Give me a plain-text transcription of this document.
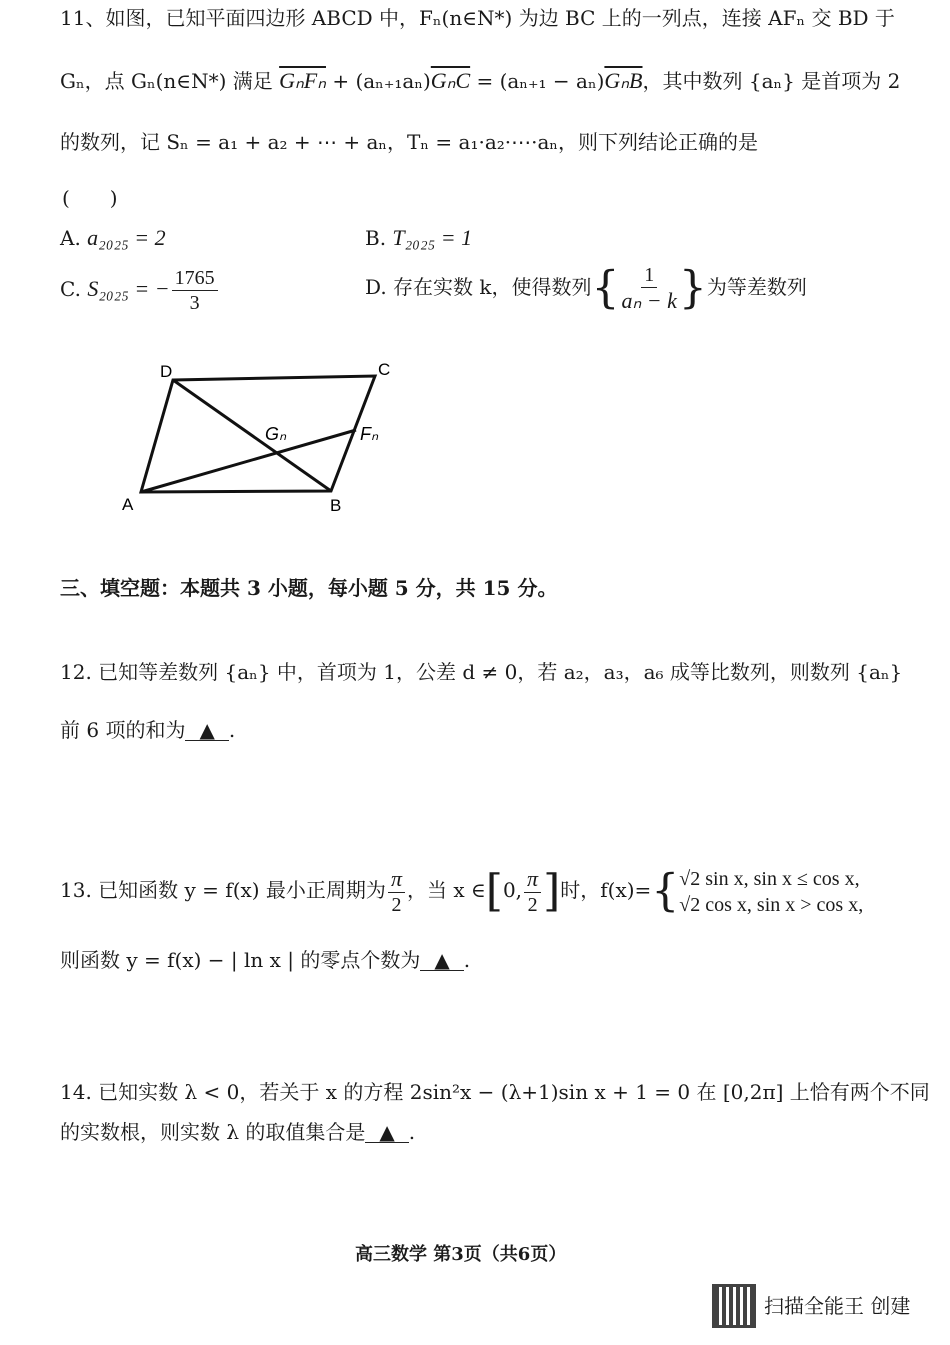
11、如图，已知平面四边形 ABCD 中，Fₙ(n∈N*) 为边 BC 上的一列点，连接 AFₙ 交 BD 于
Gₙ，点 Gₙ(n∈N*) 满足 $G_nF_n + (a_{n+1}a_n)\overline{G_nC} = (a_{n+1} - a_n)\overline{G_nB}$，其中数列 {aₙ} 是首项为 2
的数列，记 Sₙ = a₁ + a₂ + ⋯ + aₙ，Tₙ = a₁·a₂·⋯·aₙ，则下列结论正确的是
(　　)
A. a₂₀₂₅ = 2	B. T₂₀₂₅ = 1
C. S₂₀₂₅ = − $\frac{1765}{3}$	D. 存在实数 k，使得数列{ $\frac{1}{\text{aₙ − k}}$ }为等差数列
D	C
A	B
Gₙ	Fₙ
三、填空题：本题共 3 小题，每小题 5 分，共 15 分。
12. 已知等差数列 {aₙ} 中，首项为 1，公差 d ≠ 0，若 a₂，a₃，a₆ 成等比数列，则数列 {aₙ}
前 6 项的和为 ▲ .
13. 已知函数 y = f(x) 最小正周期为 $\frac{\pi}{2}$ ，当 x ∈[0, $\frac{\pi}{2}$ ]时，f(x)={ √2 sin x, sin x ≤ cos x,
√2 cos x, sin x > cos x,
则函数 y = f(x) − | ln x | 的零点个数为 ▲ .
14. 已知实数 λ < 0，若关于 x 的方程 2sin²x − (λ+1)sin x + 1 = 0 在 [0,2π] 上恰有两个不同
的实数根，则实数 λ 的取值集合是 ▲ .
高三数学 第3页（共6页）
扫描全能王 创建
